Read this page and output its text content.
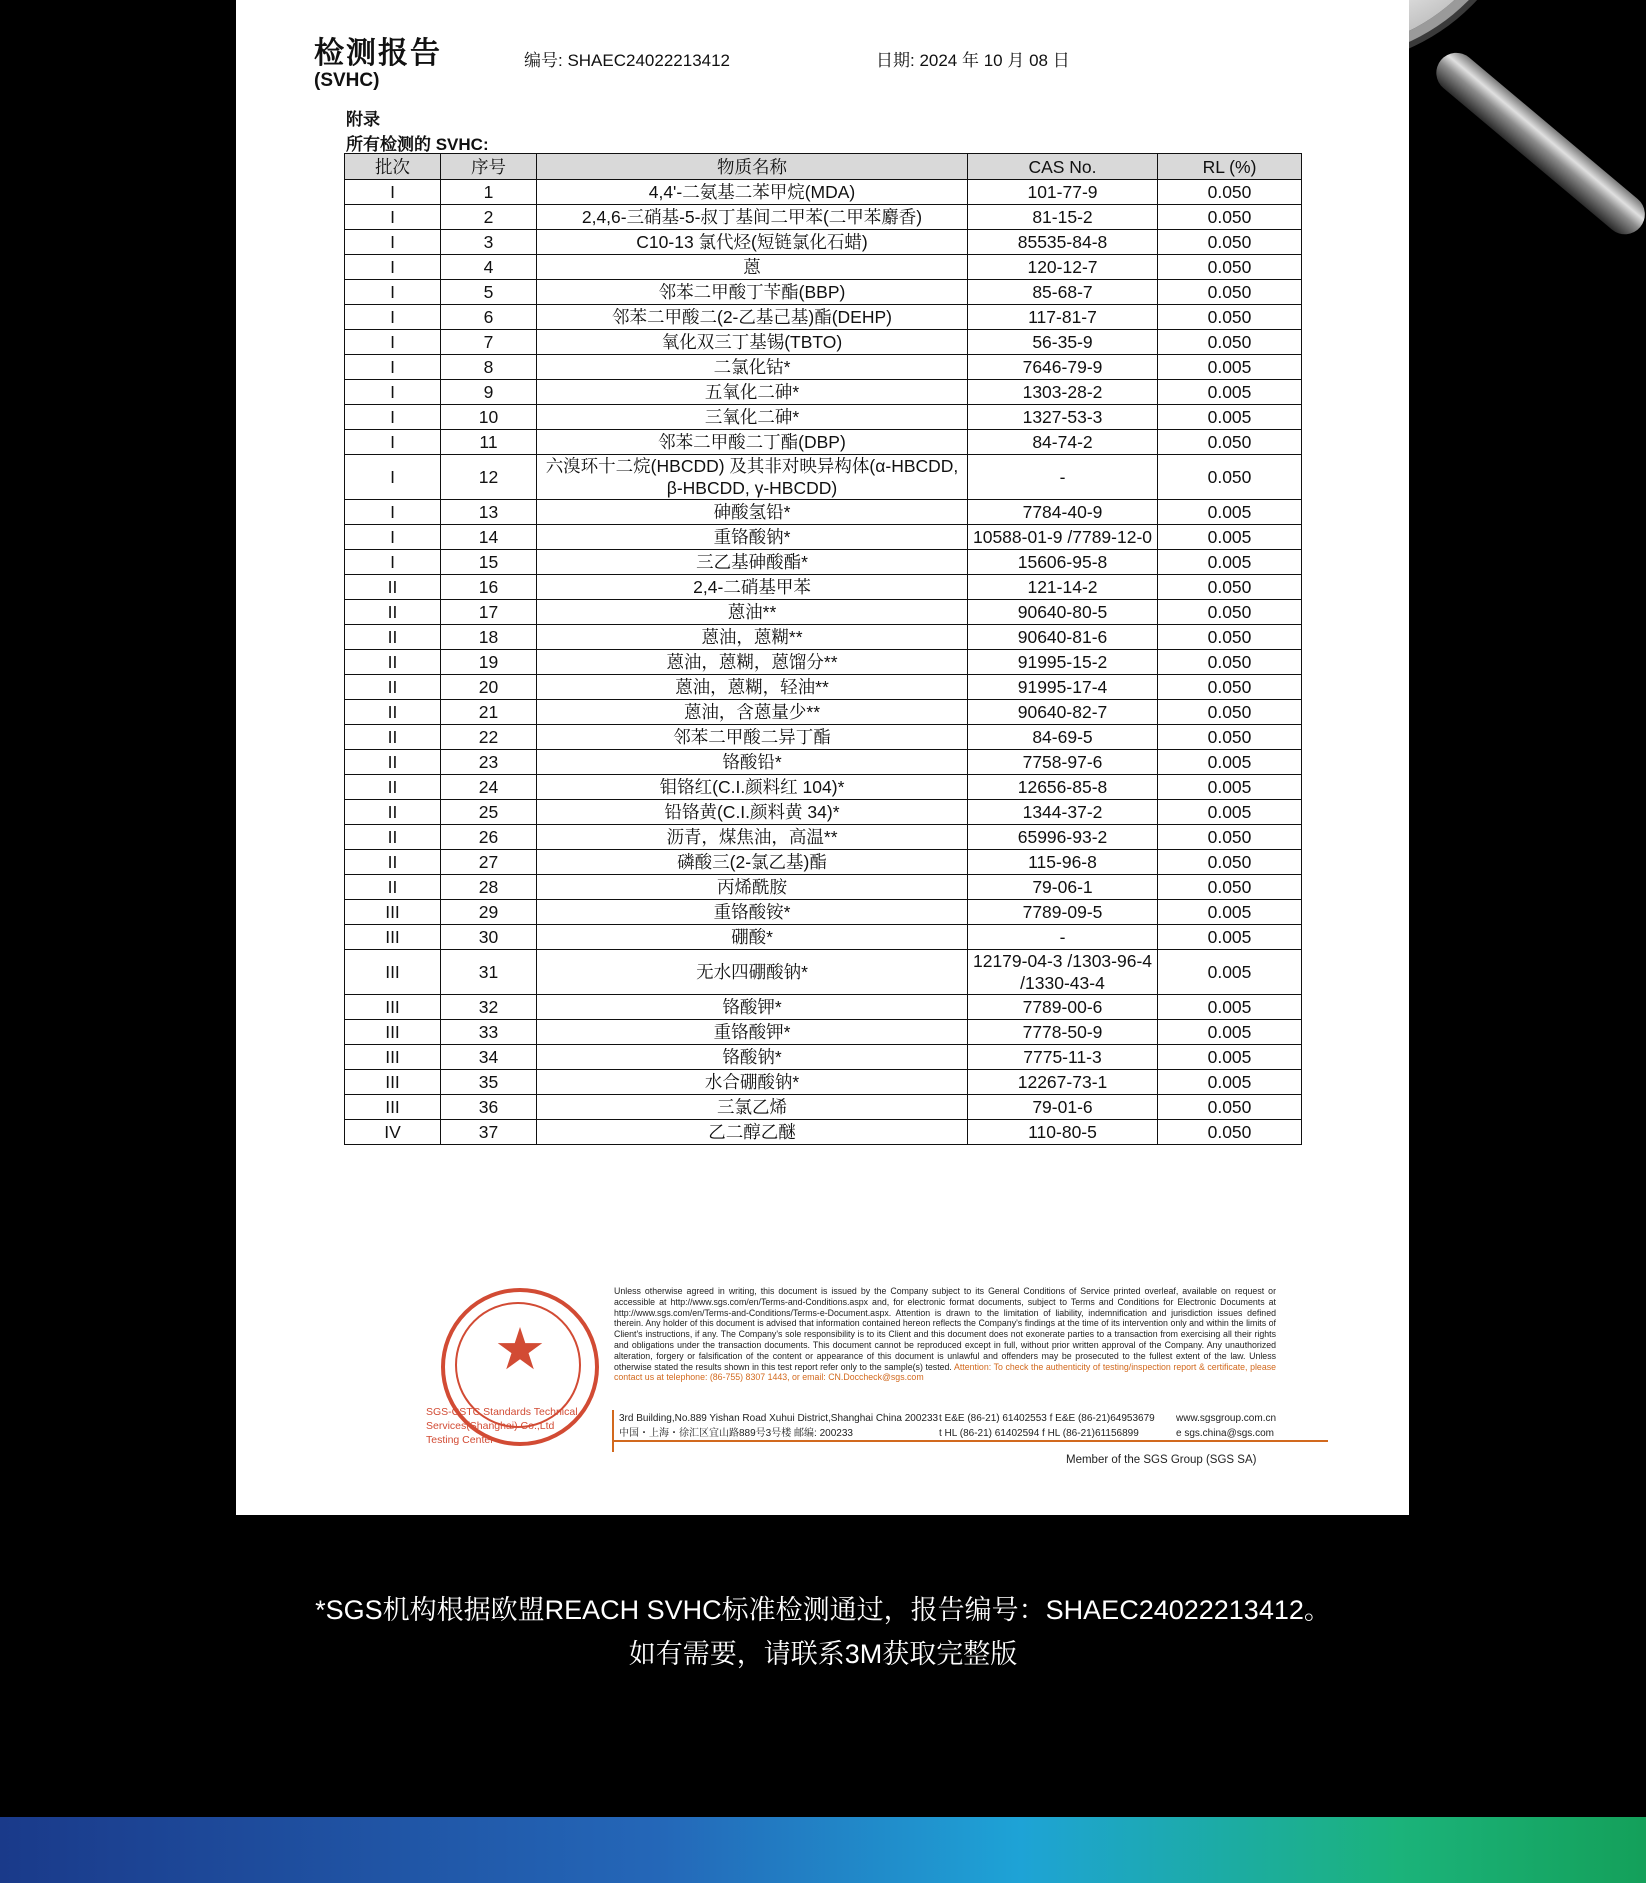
检测报告
(SVHC)
编号: SHAEC24022213412	日期: 2024 年 10 月 08 日
附录
所有检测的 SVHC:
批次	序号	物质名称	CAS No.	RL (%)
I	1	4,4'-二氨基二苯甲烷(MDA)	101-77-9	0.050
I	2	2,4,6-三硝基-5-叔丁基间二甲苯(二甲苯麝香)	81-15-2	0.050
I	3	C10-13 氯代烃(短链氯化石蜡)	85535-84-8	0.050
I	4	蒽	120-12-7	0.050
I	5	邻苯二甲酸丁苄酯(BBP)	85-68-7	0.050
I	6	邻苯二甲酸二(2-乙基己基)酯(DEHP)	117-81-7	0.050
I	7	氧化双三丁基锡(TBTO)	56-35-9	0.050
I	8	二氯化钴*	7646-79-9	0.005
I	9	五氧化二砷*	1303-28-2	0.005
I	10	三氧化二砷*	1327-53-3	0.005
I	11	邻苯二甲酸二丁酯(DBP)	84-74-2	0.050
I	12	六溴环十二烷(HBCDD) 及其非对映异构体(α-HBCDD, β-HBCDD, γ-HBCDD)	-	0.050
I	13	砷酸氢铅*	7784-40-9	0.005
I	14	重铬酸钠*	10588-01-9 /7789-12-0	0.005
I	15	三乙基砷酸酯*	15606-95-8	0.005
II	16	2,4-二硝基甲苯	121-14-2	0.050
II	17	蒽油**	90640-80-5	0.050
II	18	蒽油，蒽糊**	90640-81-6	0.050
II	19	蒽油，蒽糊，蒽馏分**	91995-15-2	0.050
II	20	蒽油，蒽糊，轻油**	91995-17-4	0.050
II	21	蒽油，含蒽量少**	90640-82-7	0.050
II	22	邻苯二甲酸二异丁酯	84-69-5	0.050
II	23	铬酸铅*	7758-97-6	0.005
II	24	钼铬红(C.I.颜料红 104)*	12656-85-8	0.005
II	25	铅铬黄(C.I.颜料黄 34)*	1344-37-2	0.005
II	26	沥青，煤焦油，高温**	65996-93-2	0.050
II	27	磷酸三(2-氯乙基)酯	115-96-8	0.050
II	28	丙烯酰胺	79-06-1	0.050
III	29	重铬酸铵*	7789-09-5	0.005
III	30	硼酸*	-	0.005
III	31	无水四硼酸钠*	12179-04-3 /1303-96-4 /1330-43-4	0.005
III	32	铬酸钾*	7789-00-6	0.005
III	33	重铬酸钾*	7778-50-9	0.005
III	34	铬酸钠*	7775-11-3	0.005
III	35	水合硼酸钠*	12267-73-1	0.005
III	36	三氯乙烯	79-01-6	0.050
IV	37	乙二醇乙醚	110-80-5	0.050
★
SGS-CSTC Standards Technical Services(Shanghai) Co.,Ltd
Testing Center
Unless otherwise agreed in writing, this document is issued by the Company subject to its General Conditions of Service printed overleaf, available on request or accessible at http://www.sgs.com/en/Terms-and-Conditions.aspx and, for electronic format documents, subject to Terms and Conditions for Electronic Documents at http://www.sgs.com/en/Terms-and-Conditions/Terms-e-Document.aspx. Attention is drawn to the limitation of liability, indemnification and jurisdiction issues defined therein. Any holder of this document is advised that information contained hereon reflects the Company's findings at the time of its intervention only and within the limits of Client's instructions, if any. The Company's sole responsibility is to its Client and this document does not exonerate parties to a transaction from exercising all their rights and obligations under the transaction documents. This document cannot be reproduced except in full, without prior written approval of the Company. Any unauthorized alteration, forgery or falsification of the content or appearance of this document is unlawful and offenders may be prosecuted to the fullest extent of the law. Unless otherwise stated the results shown in this test report refer only to the sample(s) tested. Attention: To check the authenticity of testing/inspection report & certificate, please contact us at telephone: (86-755) 8307 1443, or email: CN.Doccheck@sgs.com
3rd Building,No.889 Yishan Road Xuhui District,Shanghai China 200233
中国・上海・徐汇区宜山路889号3号楼 邮编: 200233
t E&E (86-21) 61402553 f E&E (86-21)64953679
t HL (86-21) 61402594 f HL (86-21)61156899
www.sgsgroup.com.cn
e sgs.china@sgs.com
Member of the SGS Group (SGS SA)
*SGS机构根据欧盟REACH SVHC标准检测通过，报告编号：SHAEC24022213412。
如有需要，请联系3M获取完整版
